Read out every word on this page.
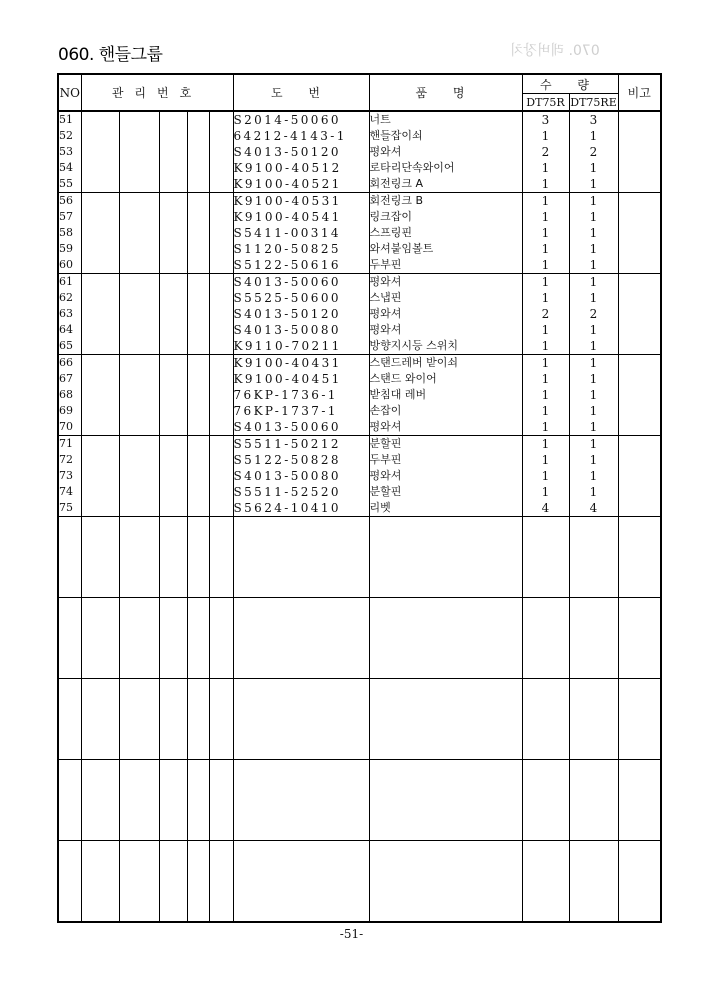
060. 핸들그룹	070. 레버장치
NO	관리번호					도 번	품 명	수 량		비고
								DT75R	DT75RE	
51						S2014-50060	너트	3	3	
52						64212-4143-1	핸들잡이쇠	1	1	
53						S4013-50120	평와셔	2	2	
54						K9100-40512	로타리단속와이어	1	1	
55						K9100-40521	회전링크 A	1	1	
56						K9100-40531	회전링크 B	1	1	
57						K9100-40541	링크잡이	1	1	
58						S5411-00314	스프링핀	1	1	
59						S1120-50825	와셔붙임볼트	1	1	
60						S5122-50616	두부핀	1	1	
61						S4013-50060	평와셔	1	1	
62						S5525-50600	스냅핀	1	1	
63						S4013-50120	평와셔	2	2	
64						S4013-50080	평와셔	1	1	
65						K9110-70211	방향지시등 스위치	1	1	
66						K9100-40431	스탠드레버 받이쇠	1	1	
67						K9100-40451	스탠드 와이어	1	1	
68						76KP-1736-1	받침대 레버	1	1	
69						76KP-1737-1	손잡이	1	1	
70						S4013-50060	평와셔	1	1	
71						S5511-50212	분할핀	1	1	
72						S5122-50828	두부핀	1	1	
73						S4013-50080	평와셔	1	1	
74						S5511-52520	분할핀	1	1	
75						S5624-10410	리벳	4	4	

-51-
